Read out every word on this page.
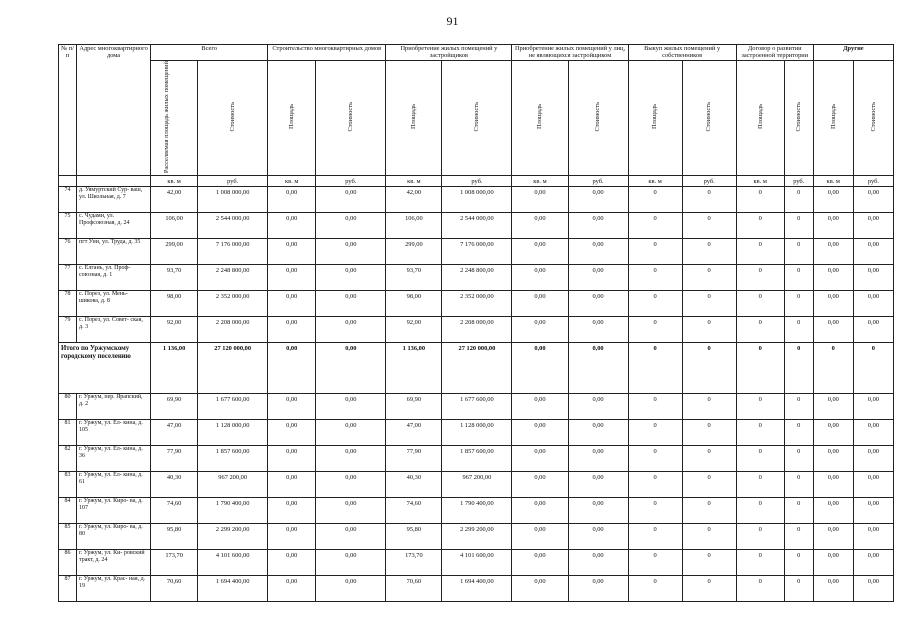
91
№ п/п	Адрес многоквартирного дома	Всего		Строительство многоквартирных домов		Приобретение жилых помещений у застройщиков		Приобретение жилых помещений у лиц, не являющихся застройщиком		Выкуп жилых помещений у собственников		Договор о развитии застроенной территории		Другие	
		Расселяемая площадь жилых помещений	Стоимость	Площадь	Стоимость	Площадь	Стоимость	Площадь	Стоимость	Площадь	Стоимость	Площадь	Стоимость	Площадь	Стоимость
		кв. м	руб.	кв. м	руб.	кв. м	руб.	кв. м	руб.	кв. м	руб.	кв. м	руб.	кв. м	руб.
74	д. Уямуртский Сур- ваш, ул. Школьная, д. 7	42,00	1 008 000,00	0,00	0,00	42,00	1 008 000,00	0,00	0,00	0	0	0	0	0,00	0,00
75	с. Чудами, ул. Профсоюзная, д. 24	106,00	2 544 000,00	0,00	0,00	106,00	2 544 000,00	0,00	0,00	0	0	0	0	0,00	0,00
76	пгт Уни, ул. Труда, д. 35	299,00	7 176 000,00	0,00	0,00	299,00	7 176 000,00	0,00	0,00	0	0	0	0	0,00	0,00
77	с. Елгань, ул. Проф- союзная, д. 1	93,70	2 248 800,00	0,00	0,00	93,70	2 248 800,00	0,00	0,00	0	0	0	0	0,00	0,00
78	с. Порез, ул. Мень- шикова, д. 8	98,00	2 352 000,00	0,00	0,00	98,00	2 352 000,00	0,00	0,00	0	0	0	0	0,00	0,00
79	с. Порез, ул. Совет- ская, д. 3	92,00	2 208 000,00	0,00	0,00	92,00	2 208 000,00	0,00	0,00	0	0	0	0	0,00	0,00
Итого по Уржумскому городскому поселению		1 136,00	27 120 000,00	0,00	0,00	1 136,00	27 120 000,00	0,00	0,00	0	0	0	0	0	0
80	г. Уржум, пер. Ярапский, д. 2	69,90	1 677 600,00	0,00	0,00	69,90	1 677 600,00	0,00	0,00	0	0	0	0	0,00	0,00
81	г. Уржум, ул. Ел- кина, д. 105	47,00	1 128 000,00	0,00	0,00	47,00	1 128 000,00	0,00	0,00	0	0	0	0	0,00	0,00
82	г. Уржум, ул. Ел- кина, д. 36	77,90	1 857 600,00	0,00	0,00	77,90	1 857 600,00	0,00	0,00	0	0	0	0	0,00	0,00
83	г. Уржум, ул. Ел- кина, д. 61	40,30	967 200,00	0,00	0,00	40,30	967 200,00	0,00	0,00	0	0	0	0	0,00	0,00
84	г. Уржум, ул. Киро- ва, д. 107	74,60	1 790 400,00	0,00	0,00	74,60	1 790 400,00	0,00	0,00	0	0	0	0	0,00	0,00
85	г. Уржум, ул. Киро- ва, д. 80	95,80	2 299 200,00	0,00	0,00	95,80	2 299 200,00	0,00	0,00	0	0	0	0	0,00	0,00
86	г. Уржум, ул. Ки- ровский тракт, д. 24	173,70	4 101 600,00	0,00	0,00	173,70	4 101 600,00	0,00	0,00	0	0	0	0	0,00	0,00
87	г. Уржум, ул. Крас- ная, д. 19	70,60	1 694 400,00	0,00	0,00	70,60	1 694 400,00	0,00	0,00	0	0	0	0	0,00	0,00
